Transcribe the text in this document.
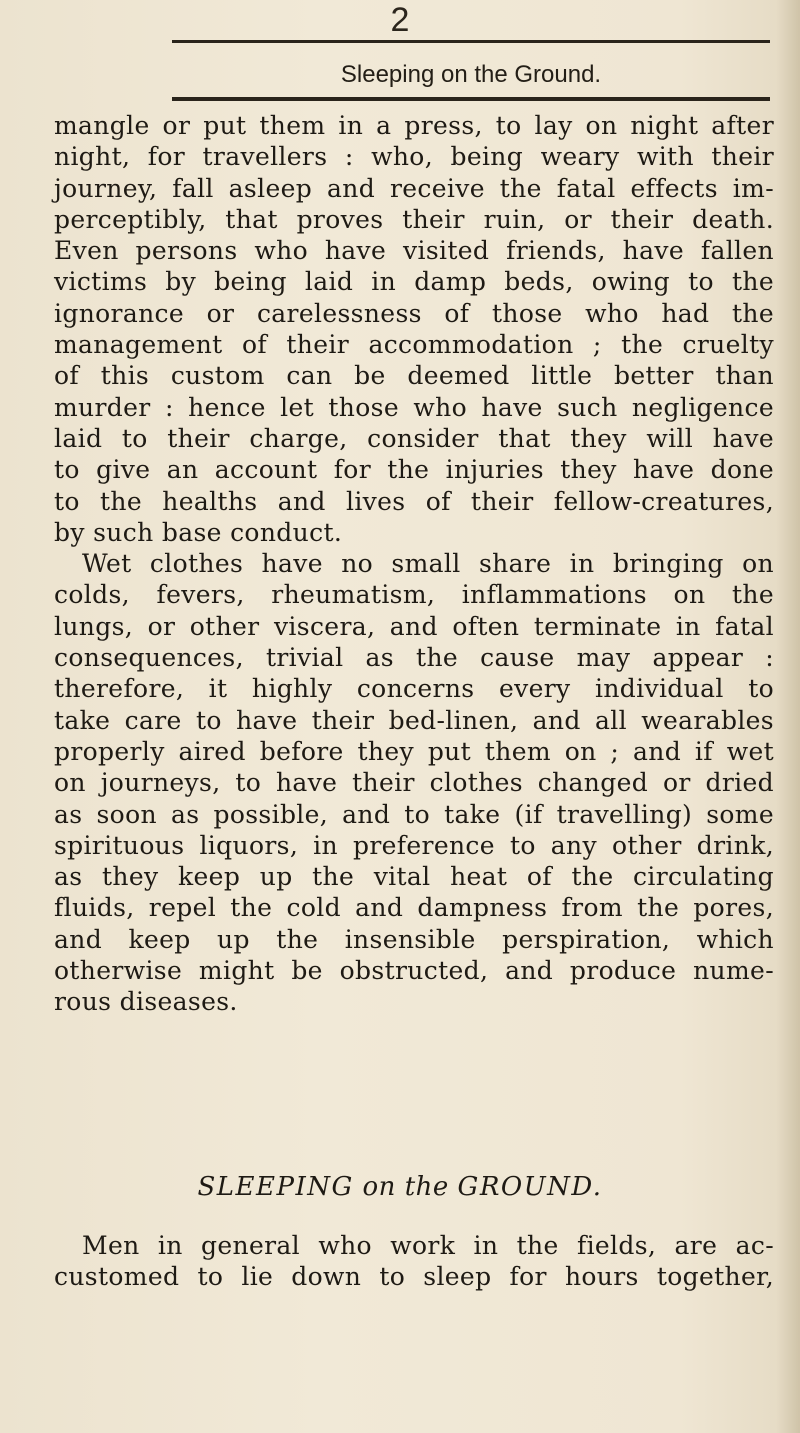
2
Sleeping on the Ground.
mangle or put them in a press, to lay on night after
night, for travellers : who, being weary with their
journey, fall asleep and receive the fatal effects im-
perceptibly, that proves their ruin, or their death.
Even persons who have visited friends, have fallen
victims by being laid in damp beds, owing to the
ignorance or carelessness of those who had the
management of their accommodation ; the cruelty
of this custom can be deemed little better than
murder : hence let those who have such negligence
laid to their charge, consider that they will have
to give an account for the injuries they have done
to the healths and lives of their fellow-creatures,
by such base conduct.
Wet clothes have no small share in bringing on
colds, fevers, rheumatism, inflammations on the
lungs, or other viscera, and often terminate in fatal
consequences, trivial as the cause may appear :
therefore, it highly concerns every individual to
take care to have their bed-linen, and all wearables
properly aired before they put them on ; and if wet
on journeys, to have their clothes changed or dried
as soon as possible, and to take (if travelling) some
spirituous liquors, in preference to any other drink,
as they keep up the vital heat of the circulating
fluids, repel the cold and dampness from the pores,
and keep up the insensible perspiration, which
otherwise might be obstructed, and produce nume-
rous diseases.
SLEEPING on the GROUND.
Men in general who work in the fields, are ac-
customed to lie down to sleep for hours together,
